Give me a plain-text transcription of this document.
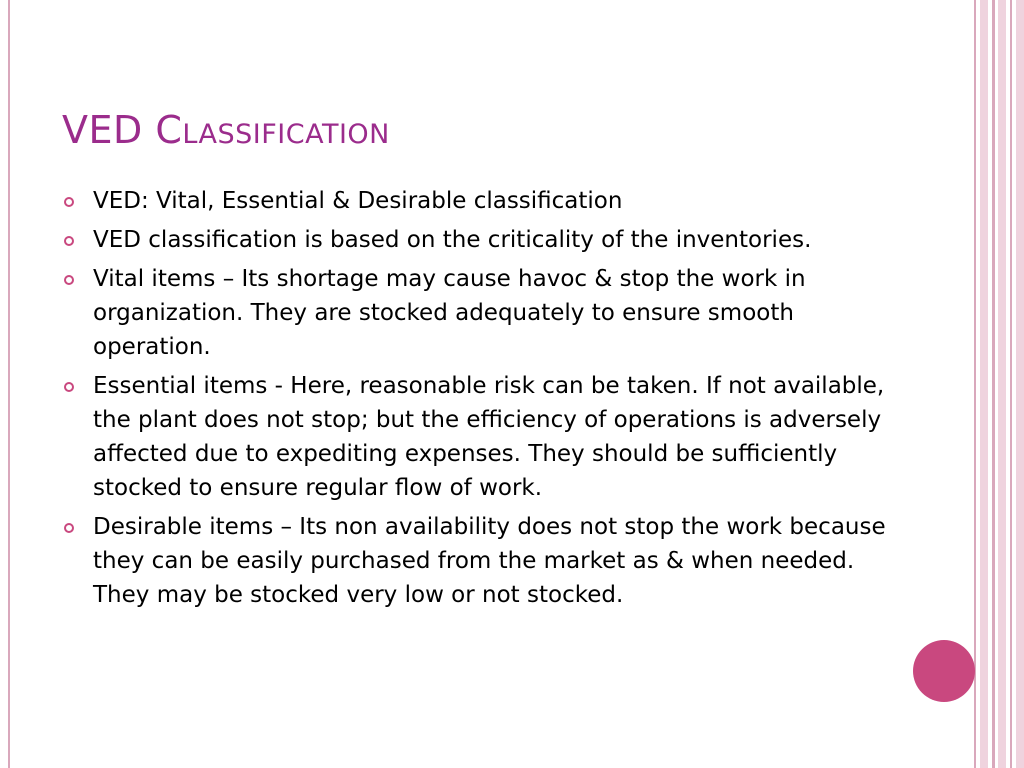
VED Classification
VED: Vital, Essential & Desirable classification
VED classification is based on the criticality of the inventories.
Vital items – Its shortage may cause havoc & stop the work in organization. They are stocked adequately to ensure smooth operation.
Essential items - Here, reasonable risk can be taken. If not available, the plant does not stop; but the efficiency of operations is adversely affected due to expediting expenses. They should be sufficiently stocked to ensure regular flow of work.
Desirable items – Its non availability does not stop the work because they can be easily purchased from the market as & when needed. They may be stocked very low or not stocked.
